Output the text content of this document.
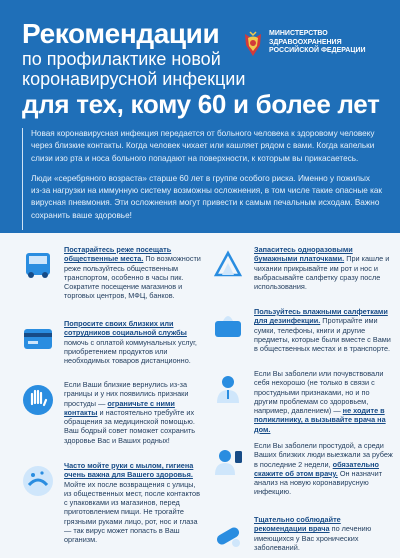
Рекомендации
по профилактике новой
коронавирусной инфекции
для тех, кому 60 и более лет
МИНИСТЕРСТВО
ЗДРАВООХРАНЕНИЯ
РОССИЙСКОЙ ФЕДЕРАЦИИ

Новая коронавирусная инфекция передается от больного человека к здоровому человеку через близкие контакты. Когда человек чихает или кашляет рядом с вами. Когда капельки слизи изо рта и носа больного попадают на поверхности, к которым вы прикасаетесь.

Люди «серебряного возраста» старше 60 лет в группе особого риска. Именно у пожилых из-за нагрузки на иммунную систему возможны осложнения, в том числе такие опасные как вирусная пневмония. Эти осложнения могут привести к самым печальным исходам. Важно сохранить ваше здоровье!

Постарайтесь реже посещать общественные места. По возможности реже пользуйтесь общественным транспортом, особенно в часы пик. Сократите посещение магазинов и торговых центров, МФЦ, банков.
Попросите своих близких или сотрудников социальной службы помочь с оплатой коммунальных услуг, приобретением продуктов или необходимых товаров дистанционно.
Если Ваши близкие вернулись из-за границы и у них появились признаки простуды — ограничьте с ними контакты и настоятельно требуйте их обращения за медицинской помощью. Ваш бодрый совет поможет сохранить здоровье Вас и Ваших родных!
Часто мойте руки с мылом, гигиена очень важна для Вашего здоровья. Мойте их после возвращения с улицы, из общественных мест, после контактов с упаковками из магазинов, перед приготовлением пищи. Не трогайте грязными руками лицо, рот, нос и глаза — так вирус может попасть в Ваш организм.
Запаситесь одноразовыми бумажными платочками. При кашле и чихании прикрывайте им рот и нос и выбрасывайте салфетку сразу после использования.
Пользуйтесь влажными салфетками для дезинфекции. Протирайте ими сумки, телефоны, книги и другие предметы, которые были вместе с Вами в общественных местах и в транспорте.
Если Вы заболели или почувствовали себя нехорошо (не только в связи с простудными признаками, но и по другим проблемам со здоровьем, например, давлением) — не ходите в поликлинику, а вызывайте врача на дом.
Если Вы заболели простудой, а среди Ваших близких люди выезжали за рубеж в последние 2 недели, обязательно скажите об этом врачу. Он назначит анализ на новую коронавирусную инфекцию.
Тщательно соблюдайте рекомендации врача по лечению имеющихся у Вас хронических заболеваний.
